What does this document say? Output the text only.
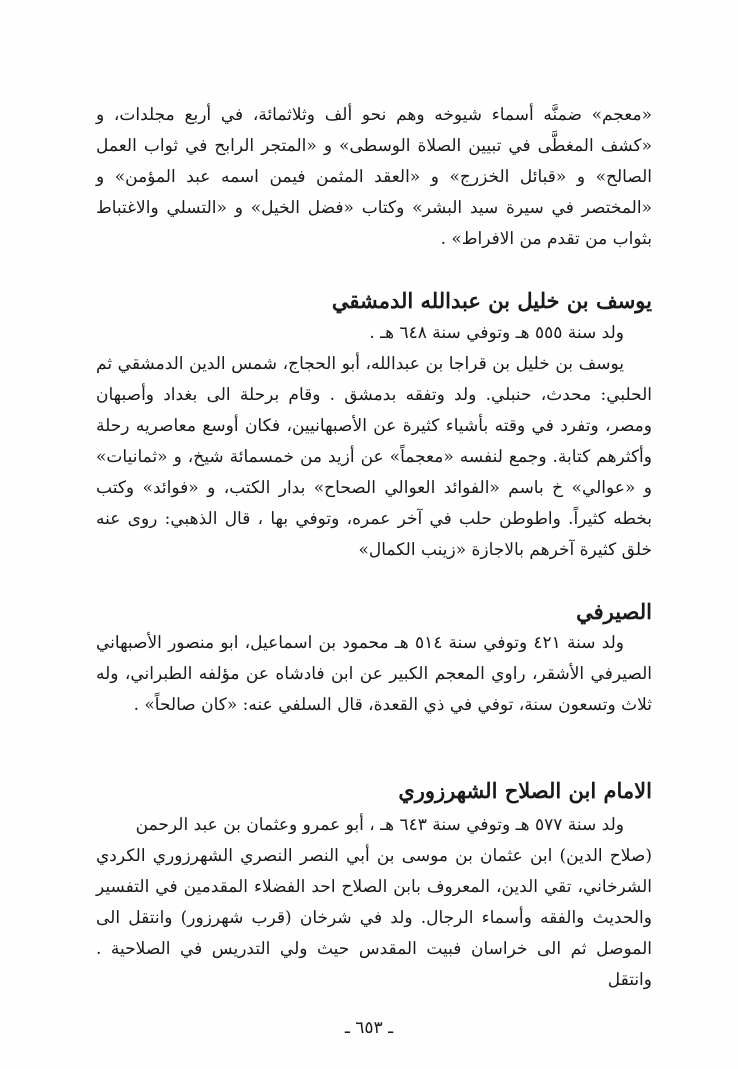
«معجم» ضمنَّه أسماء شيوخه وهم نحو ألف وثلاثمائة، في أربع مجلدات، و «كشف المغطَّى في تبيين الصلاة الوسطى» و «المتجر الرابح في ثواب العمل الصالح» و «قبائل الخزرج» و «العقد المثمن فيمن اسمه عبد المؤمن» و «المختصر في سيرة سيد البشر» وكتاب «فضل الخيل» و «التسلي والاغتباط بثواب من تقدم من الافراط» .

يوسف بن خليل بن عبدالله الدمشقي

ولد سنة ٥٥٥ هـ وتوفي سنة ٦٤٨ هـ .

يوسف بن خليل بن قراجا بن عبدالله، أبو الحجاج، شمس الدين الدمشقي ثم الحلبي: محدث، حنبلي. ولد وتفقه بدمشق . وقام برحلة الى بغداد وأصبهان ومصر، وتفرد في وقته بأشياء كثيرة عن الأصبهانيين، فكان أوسع معاصريه رحلة وأكثرهم كتابة. وجمع لنفسه «معجماً» عن أزيد من خمسمائة شيخ، و «ثمانيات» و «عوالي» خ باسم «الفوائد العوالي الصحاح» بدار الكتب، و «فوائد» وكتب بخطه كثيراً. واطوطن حلب في آخر عمره، وتوفي بها ، قال الذهبي: روى عنه خلق كثيرة آخرهم بالاجازة «زينب الكمال»

الصيرفي

ولد سنة ٤٢١ وتوفي سنة ٥١٤ هـ محمود بن اسماعيل، ابو منصور الأصبهاني الصيرفي الأشقر، راوي المعجم الكبير عن ابن فادشاه عن مؤلفه الطبراني، وله ثلاث وتسعون سنة، توفي في ذي القعدة، قال السلفي عنه: «كان صالحاً» .

الامام ابن الصلاح الشهرزوري

ولد سنة ٥٧٧ هـ وتوفي سنة ٦٤٣ هـ ، أبو عمرو وعثمان بن عبد الرحمن

(صلاح الدين) ابن عثمان بن موسى بن أبي النصر النصري الشهرزوري الكردي الشرخاني، تقي الدين، المعروف بابن الصلاح احد الفضلاء المقدمين في التفسير والحديث والفقه وأسماء الرجال. ولد في شرخان (قرب شهرزور) وانتقل الى الموصل ثم الى خراسان فبيت المقدس حيث ولي التدريس في الصلاحية . وانتقل

ـ ٦٥٣ ـ
